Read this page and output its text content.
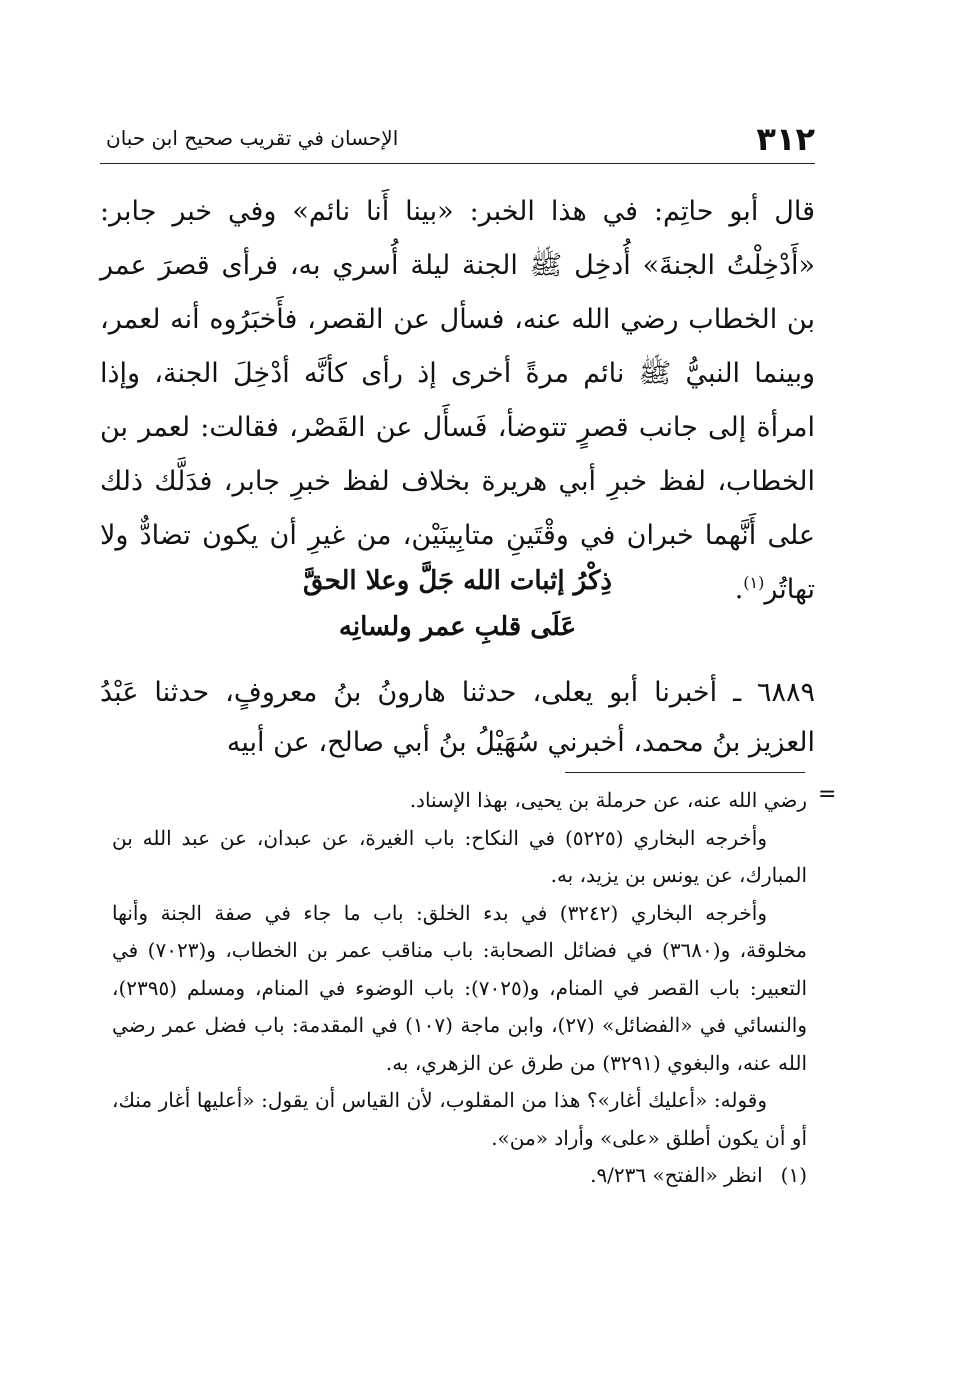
٣١٢
الإحسان في تقريب صحيح ابن حبان

قال أبو حاتِم: في هذا الخبر: «بينا أَنا نائم» وفي خبر جابر: «أَدْخِلْتُ الجنةَ» أُدخِل ﷺ الجنة ليلة أُسري به، فرأى قصرَ عمر بن الخطاب رضي الله عنه، فسأل عن القصر، فأَخبَرُوه أنه لعمر، وبينما النبيُّ ﷺ نائم مرةً أخرى إذ رأى كأنَّه أدْخِلَ الجنة، وإذا امرأة إلى جانب قصرٍ تتوضأ، فَسأَل عن القَصْر، فقالت: لعمر بن الخطاب، لفظ خبرِ أبي هريرة بخلاف لفظ خبرِ جابر، فدَلَّك ذلك على أَنَّهما خبران في وقْتَينِ متابِينَيْن، من غيرِ أن يكون تضادٌّ ولا تهاتُر$^{(١)}$.

ذِكْرُ إثبات الله جَلَّ وعلا الحقَّ

عَلَى قلبِ عمر ولسانِه

٦٨٨٩ ـ أخبرنا أبو يعلى، حدثنا هارونُ بنُ معروفٍ، حدثنا عَبْدُ العزيز بنُ محمد، أخبرني سُهَيْلُ بنُ أبي صالح، عن أبيه

=

رضي الله عنه، عن حرملة بن يحيى، بهذا الإسناد.

وأخرجه البخاري (٥٢٢٥) في النكاح: باب الغيرة، عن عبدان، عن عبد الله بن المبارك، عن يونس بن يزيد، به.

وأخرجه البخاري (٣٢٤٢) في بدء الخلق: باب ما جاء في صفة الجنة وأنها مخلوقة، و(٣٦٨٠) في فضائل الصحابة: باب مناقب عمر بن الخطاب، و(٧٠٢٣) في التعبير: باب القصر في المنام، و(٧٠٢٥): باب الوضوء في المنام، ومسلم (٢٣٩٥)، والنسائي في «الفضائل» (٢٧)، وابن ماجة (١٠٧) في المقدمة: باب فضل عمر رضي الله عنه، والبغوي (٣٢٩١) من طرق عن الزهري، به.

وقوله: «أعليك أغار»؟ هذا من المقلوب، لأن القياس أن يقول: «أعليها أغار منك، أو أن يكون أطلق «على» وأراد «من».

(١)انظر «الفتح» ٩/٢٣٦.
